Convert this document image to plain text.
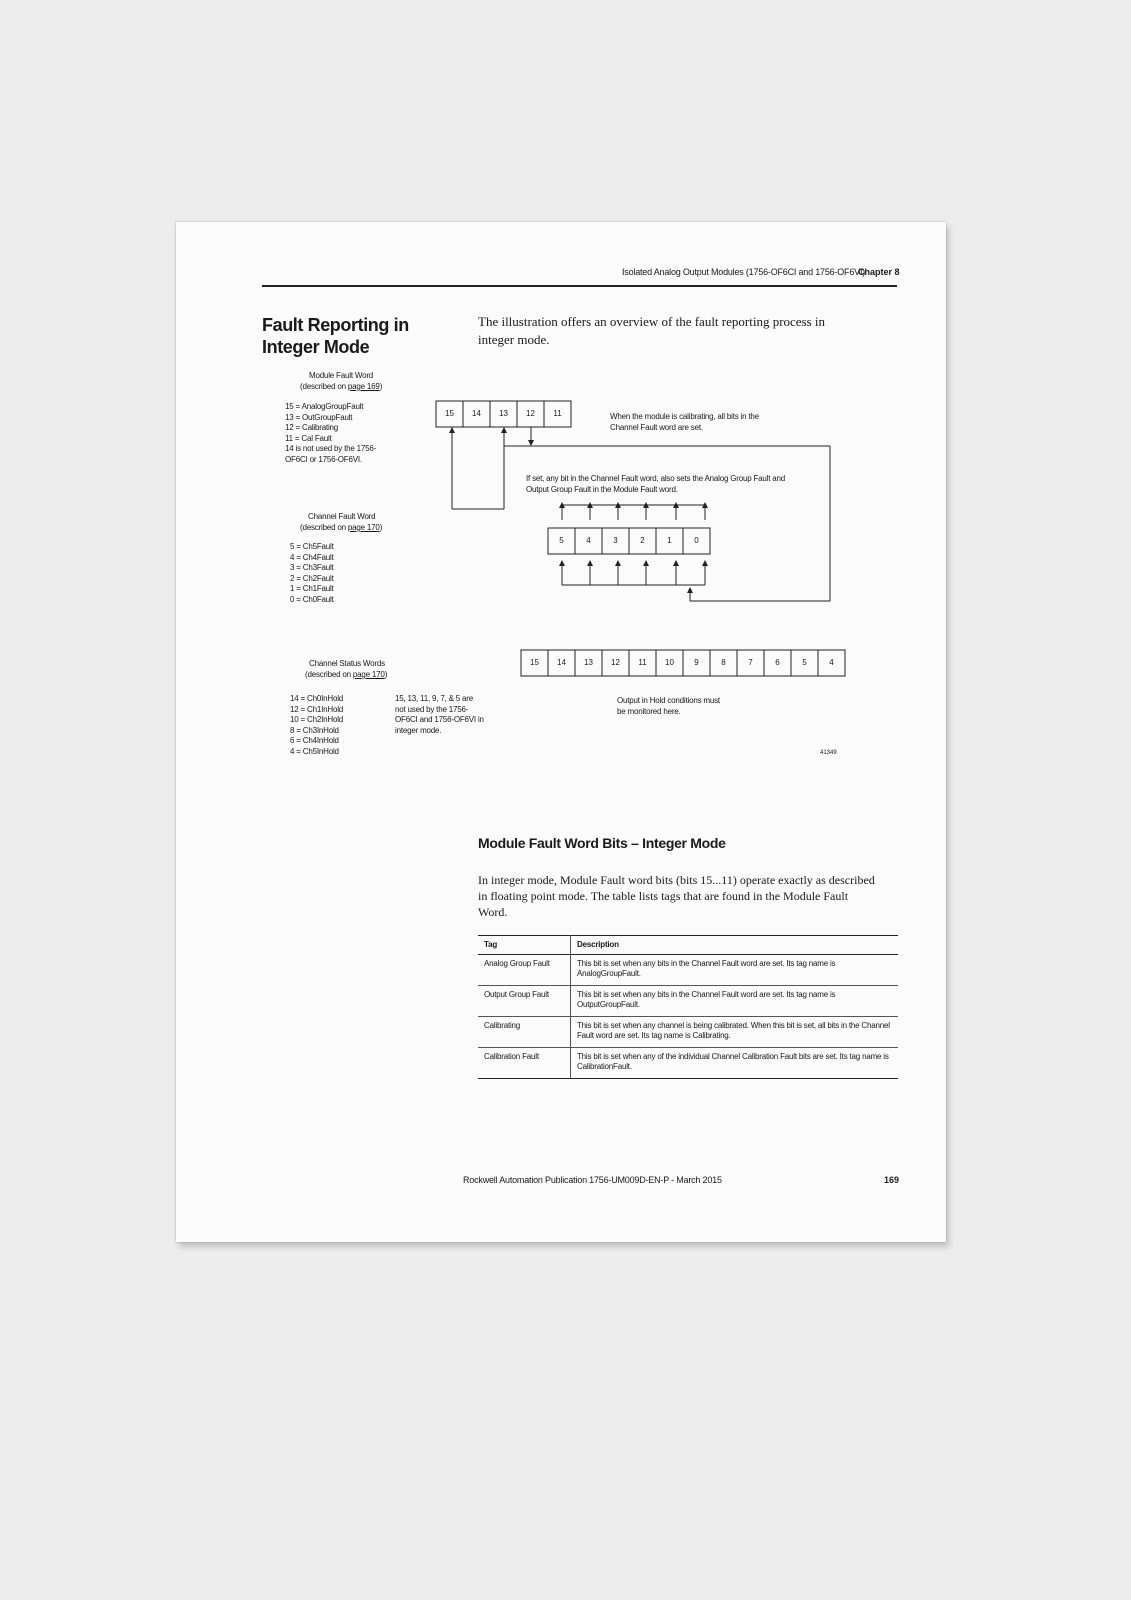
Isolated Analog Output Modules (1756-OF6CI and 1756-OF6VI)
Chapter 8
Fault Reporting in Integer Mode
The illustration offers an overview of the fault reporting process in integer mode.
Module Fault Word
(described on page 169)

15 = AnalogGroupFault

13 = OutGroupFault

12 = Calibrating

11 = Cal Fault

14 is not used by the 1756-

OF6CI or 1756-OF6VI.

Channel Fault Word
(described on page 170)

5 = Ch5Fault

4 = Ch4Fault

3 = Ch3Fault

2 = Ch2Fault

1 = Ch1Fault

0 = Ch0Fault

Channel Status Words
(described on page 170)

14 = Ch0InHold

12 = Ch1InHold

10 = Ch2InHold

8 = Ch3InHold

6 = Ch4InHold

4 = Ch5InHold

15, 13, 11, 9, 7, & 5 are

not used by the 1756-

OF6CI and 1756-OF6VI in

integer mode.

15	14	13	12	11
5	4	3	2	1	0
15	14	13	12	11	10	9	8	7	6	5	4
When the module is calibrating, all bits in the
Channel Fault word are set.
If set, any bit in the Channel Fault word, also sets the Analog Group Fault and
Output Group Fault in the Module Fault word.
Output in Hold conditions must
be monitored here.
41349
Module Fault Word Bits – Integer Mode
In integer mode, Module Fault word bits (bits 15...11) operate exactly as described in floating point mode. The table lists tags that are found in the Module Fault Word.
Tag	Description
Analog Group Fault	This bit is set when any bits in the Channel Fault word are set. Its tag name is AnalogGroupFault.
Output Group Fault	This bit is set when any bits in the Channel Fault word are set. Its tag name is OutputGroupFault.
Calibrating	This bit is set when any channel is being calibrated. When this bit is set, all bits in the Channel Fault word are set. Its tag name is Calibrating.
Calibration Fault	This bit is set when any of the individual Channel Calibration Fault bits are set. Its tag name is CalibrationFault.
Rockwell Automation Publication 1756-UM009D-EN-P - March 2015	169
